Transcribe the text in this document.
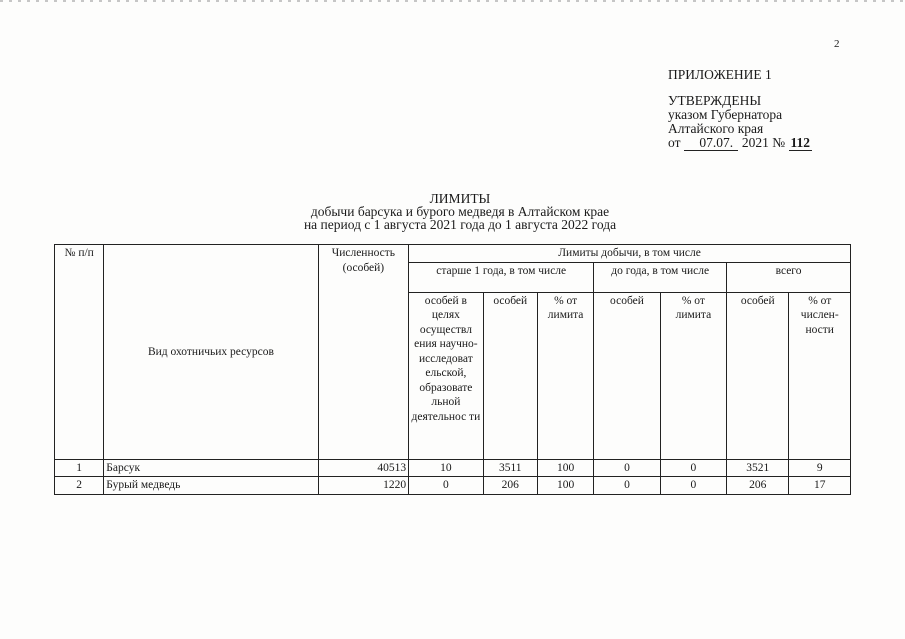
2
ПРИЛОЖЕНИЕ 1
УТВЕРЖДЕНЫ
указом Губернатора
Алтайского края
от 07.07. 2021 № 112
ЛИМИТЫ
добычи барсука и бурого медведя в Алтайском крае
на период с 1 августа 2021 года до 1 августа 2022 года
№ п/п	Вид охотничьих ресурсов	Численность (особей)	Лимиты добычи, в том числе						
			старше 1 года, в том числе			до года, в том числе		всего	
			особей в целях осуществл ения научно-исследоват ельской, образовате льной деятельнос ти	особей	% от лимита	особей	% от лимита	особей	% от числен-ности
1	Барсук	40513	10	3511	100	0	0	3521	9
2	Бурый медведь	1220	0	206	100	0	0	206	17
